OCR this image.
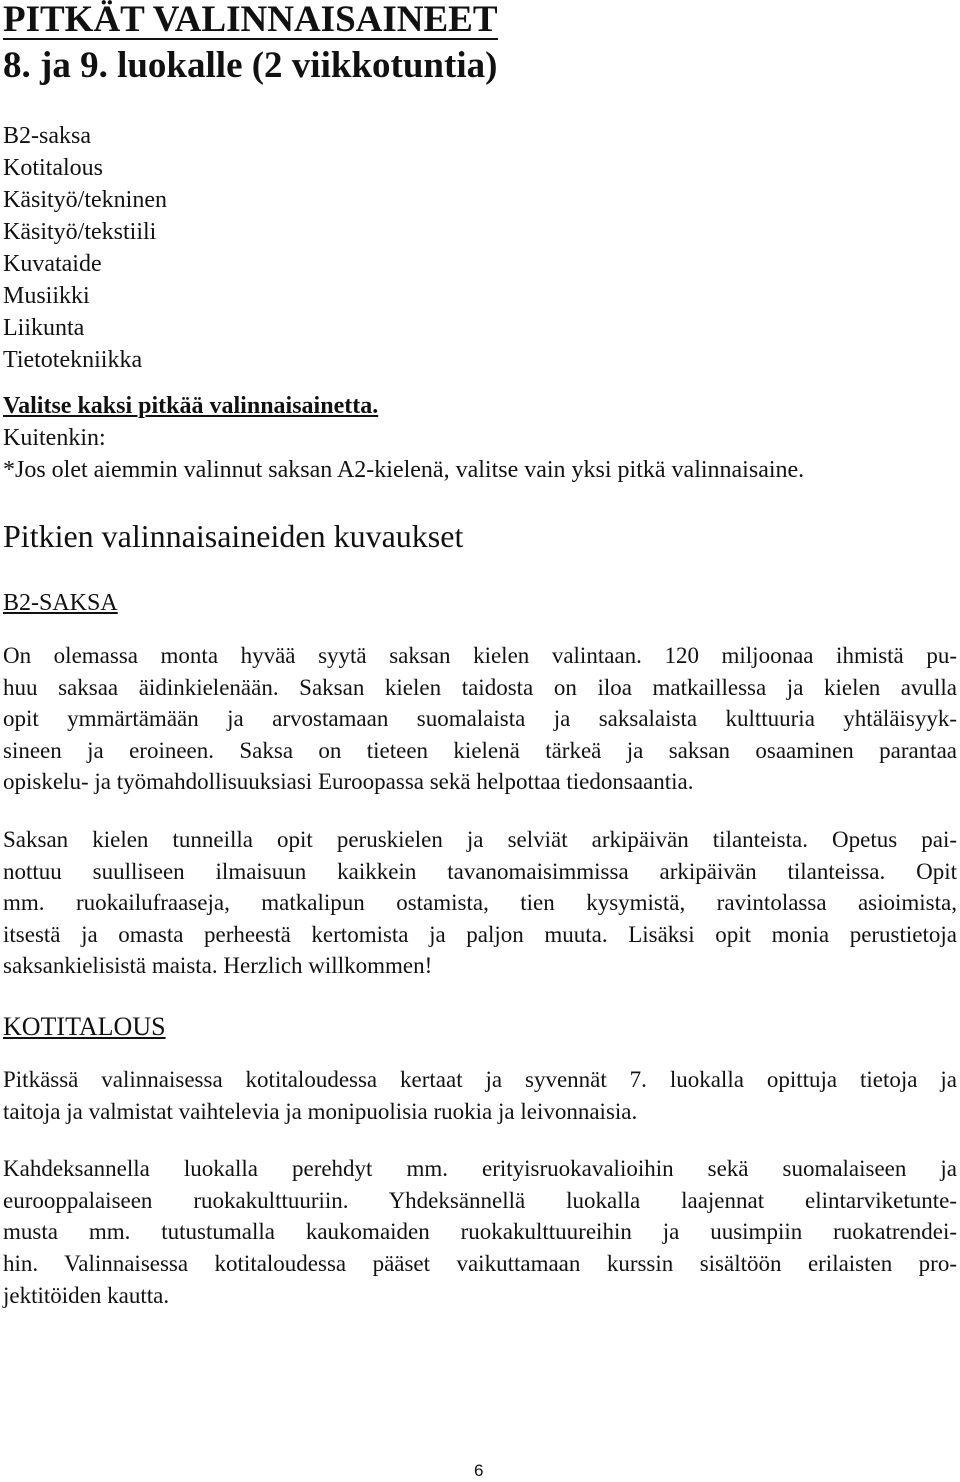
PITKÄT VALINNAISAINEET
8. ja 9. luokalle (2 viikkotuntia)
B2-saksa
Kotitalous
Käsityö/tekninen
Käsityö/tekstiili
Kuvataide
Musiikki
Liikunta
Tietotekniikka
Valitse kaksi pitkää valinnaisainetta.
Kuitenkin:
*Jos olet aiemmin valinnut saksan A2-kielenä, valitse vain yksi pitkä valinnaisaine.
Pitkien valinnaisaineiden kuvaukset
B2-SAKSA

On olemassa monta hyvää syytä saksan kielen valintaan. 120 miljoonaa ihmistä pu-
huu saksaa äidinkielenään. Saksan kielen taidosta on iloa matkaillessa ja kielen avulla
opit ymmärtämään ja arvostamaan suomalaista ja saksalaista kulttuuria yhtäläisyyk-
sineen ja eroineen. Saksa on tieteen kielenä tärkeä ja saksan osaaminen parantaa
opiskelu- ja työmahdollisuuksiasi Euroopassa sekä helpottaa tiedonsaantia.

Saksan kielen tunneilla opit peruskielen ja selviät arkipäivän tilanteista. Opetus pai-
nottuu suulliseen ilmaisuun kaikkein tavanomaisimmissa arkipäivän tilanteissa. Opit
mm. ruokailufraaseja, matkalipun ostamista, tien kysymistä, ravintolassa asioimista,
itsestä ja omasta perheestä kertomista ja paljon muuta. Lisäksi opit monia perustietoja
saksankielisistä maista. Herzlich willkommen!

KOTITALOUS

Pitkässä valinnaisessa kotitaloudessa kertaat ja syvennät 7. luokalla opittuja tietoja ja
taitoja ja valmistat vaihtelevia ja monipuolisia ruokia ja leivonnaisia.

Kahdeksannella luokalla perehdyt mm. erityisruokavalioihin sekä suomalaiseen ja
eurooppalaiseen ruokakulttuuriin. Yhdeksännellä luokalla laajennat elintarviketunte-
musta mm. tutustumalla kaukomaiden ruokakulttuureihin ja uusimpiin ruokatrendei-
hin. Valinnaisessa kotitaloudessa pääset vaikuttamaan kurssin sisältöön erilaisten pro-
jektitöiden kautta.

6
